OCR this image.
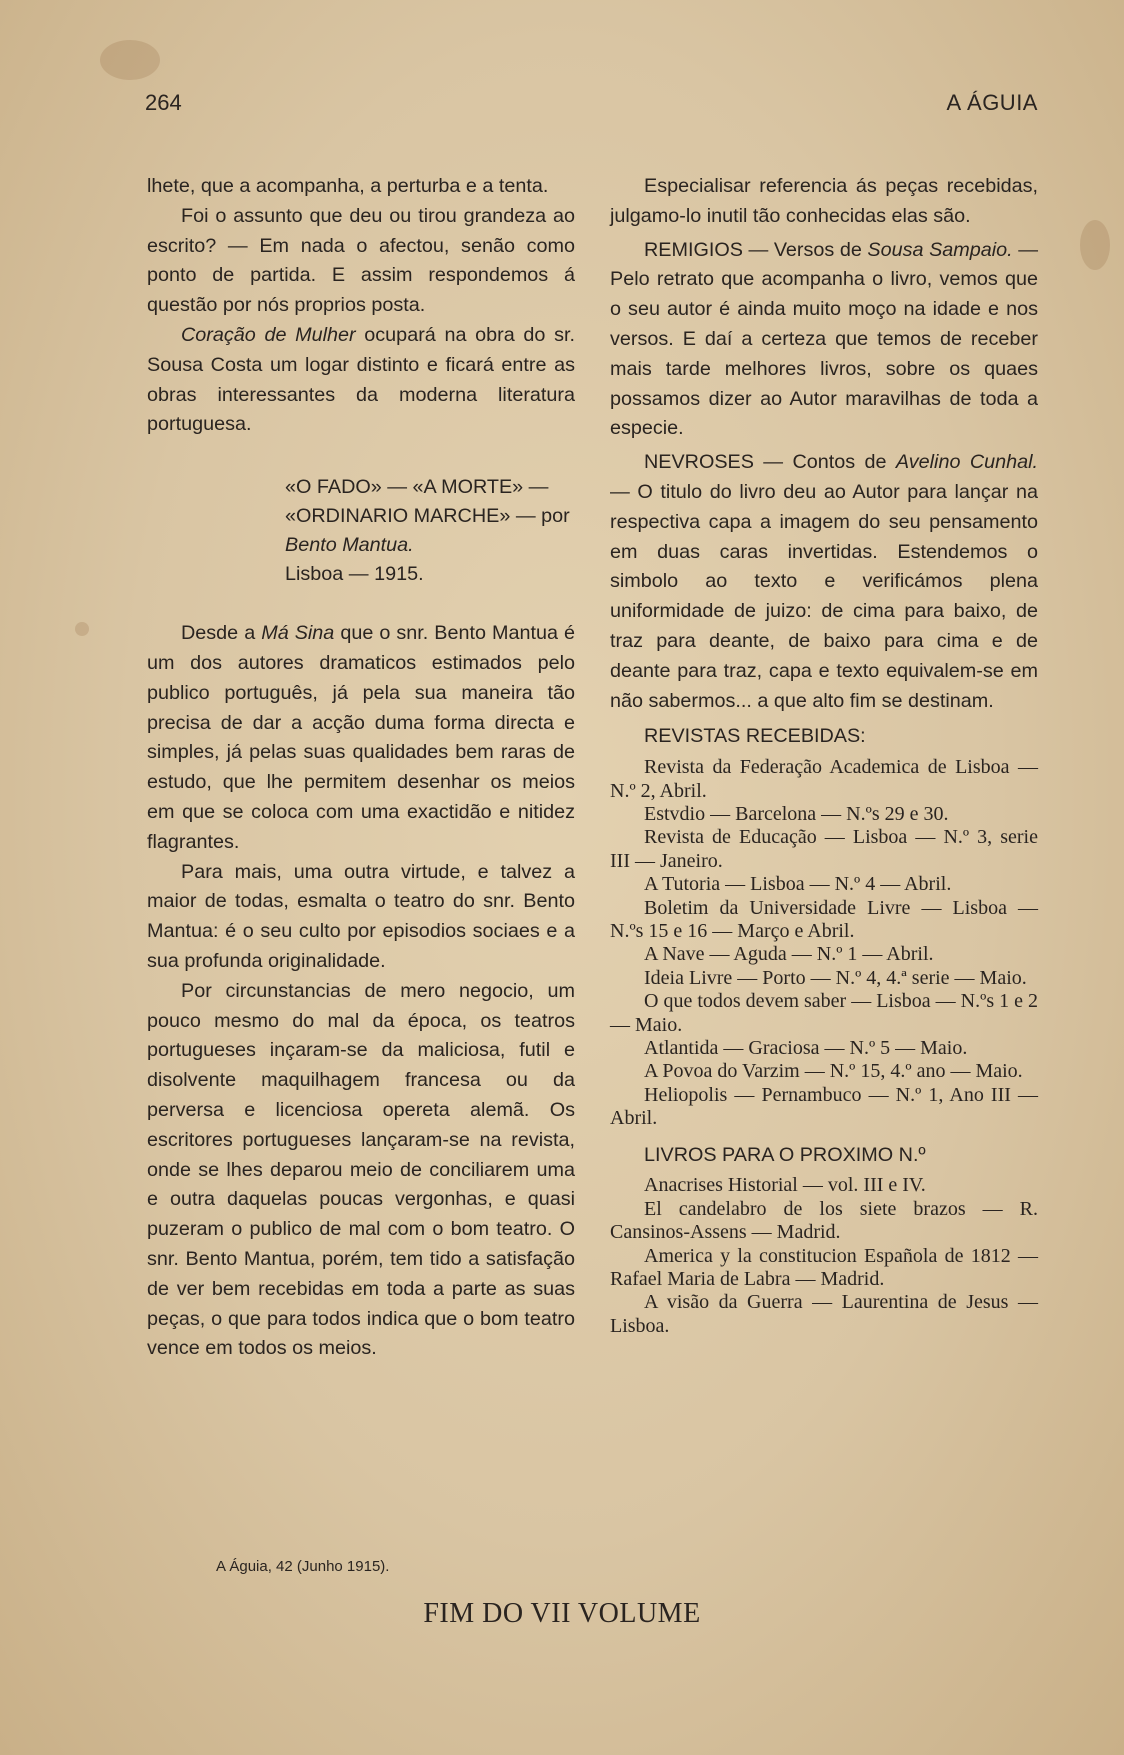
264	A ÁGUIA

lhete, que a acompanha, a perturba e a tenta.

Foi o assunto que deu ou tirou grandeza ao escrito? — Em nada o afectou, senão como ponto de partida. E assim respondemos á questão por nós proprios posta.

Coração de Mulher ocupará na obra do sr. Sousa Costa um logar distinto e ficará entre as obras interessantes da moderna literatura portuguesa.

«O FADO» — «A MORTE» — «ORDINARIO MARCHE» — por Bento Mantua.
Lisboa — 1915.

Desde a Má Sina que o snr. Bento Mantua é um dos autores dramaticos estimados pelo publico português, já pela sua maneira tão precisa de dar a acção duma forma directa e simples, já pelas suas qualidades bem raras de estudo, que lhe permitem desenhar os meios em que se coloca com uma exactidão e nitidez flagrantes.

Para mais, uma outra virtude, e talvez a maior de todas, esmalta o teatro do snr. Bento Mantua: é o seu culto por episodios sociaes e a sua profunda originalidade.

Por circunstancias de mero negocio, um pouco mesmo do mal da época, os teatros portugueses inçaram-se da maliciosa, futil e disolvente maquilhagem francesa ou da perversa e licenciosa opereta alemã. Os escritores portugueses lançaram-se na revista, onde se lhes deparou meio de conciliarem uma e outra daquelas poucas vergonhas, e quasi puzeram o publico de mal com o bom teatro. O snr. Bento Mantua, porém, tem tido a satisfação de ver bem recebidas em toda a parte as suas peças, o que para todos indica que o bom teatro vence em todos os meios.

Especialisar referencia ás peças recebidas, julgamo-lo inutil tão conhecidas elas são.

REMIGIOS — Versos de Sousa Sampaio. — Pelo retrato que acompanha o livro, vemos que o seu autor é ainda muito moço na idade e nos versos. E daí a certeza que temos de receber mais tarde melhores livros, sobre os quaes possamos dizer ao Autor maravilhas de toda a especie.

NEVROSES — Contos de Avelino Cunhal. — O titulo do livro deu ao Autor para lançar na respectiva capa a imagem do seu pensamento em duas caras invertidas. Estendemos o simbolo ao texto e verificámos plena uniformidade de juizo: de cima para baixo, de traz para deante, de baixo para cima e de deante para traz, capa e texto equivalem-se em não sabermos... a que alto fim se destinam.

REVISTAS RECEBIDAS:

Revista da Federação Academica de Lisboa — N.º 2, Abril.

Estvdio — Barcelona — N.ºs 29 e 30.

Revista de Educação — Lisboa — N.º 3, serie III — Janeiro.

A Tutoria — Lisboa — N.º 4 — Abril.

Boletim da Universidade Livre — Lisboa — N.ºs 15 e 16 — Março e Abril.

A Nave — Aguda — N.º 1 — Abril.

Ideia Livre — Porto — N.º 4, 4.ª serie — Maio.

O que todos devem saber — Lisboa — N.ºs 1 e 2 — Maio.

Atlantida — Graciosa — N.º 5 — Maio.

A Povoa do Varzim — N.º 15, 4.º ano — Maio.

Heliopolis — Pernambuco — N.º 1, Ano III — Abril.

LIVROS PARA O PROXIMO N.º

Anacrises Historial — vol. III e IV.

El candelabro de los siete brazos — R. Cansinos-Assens — Madrid.

America y la constitucion Española de 1812 — Rafael Maria de Labra — Madrid.

A visão da Guerra — Laurentina de Jesus — Lisboa.

A Águia, 42 (Junho 1915).
FIM DO VII VOLUME
